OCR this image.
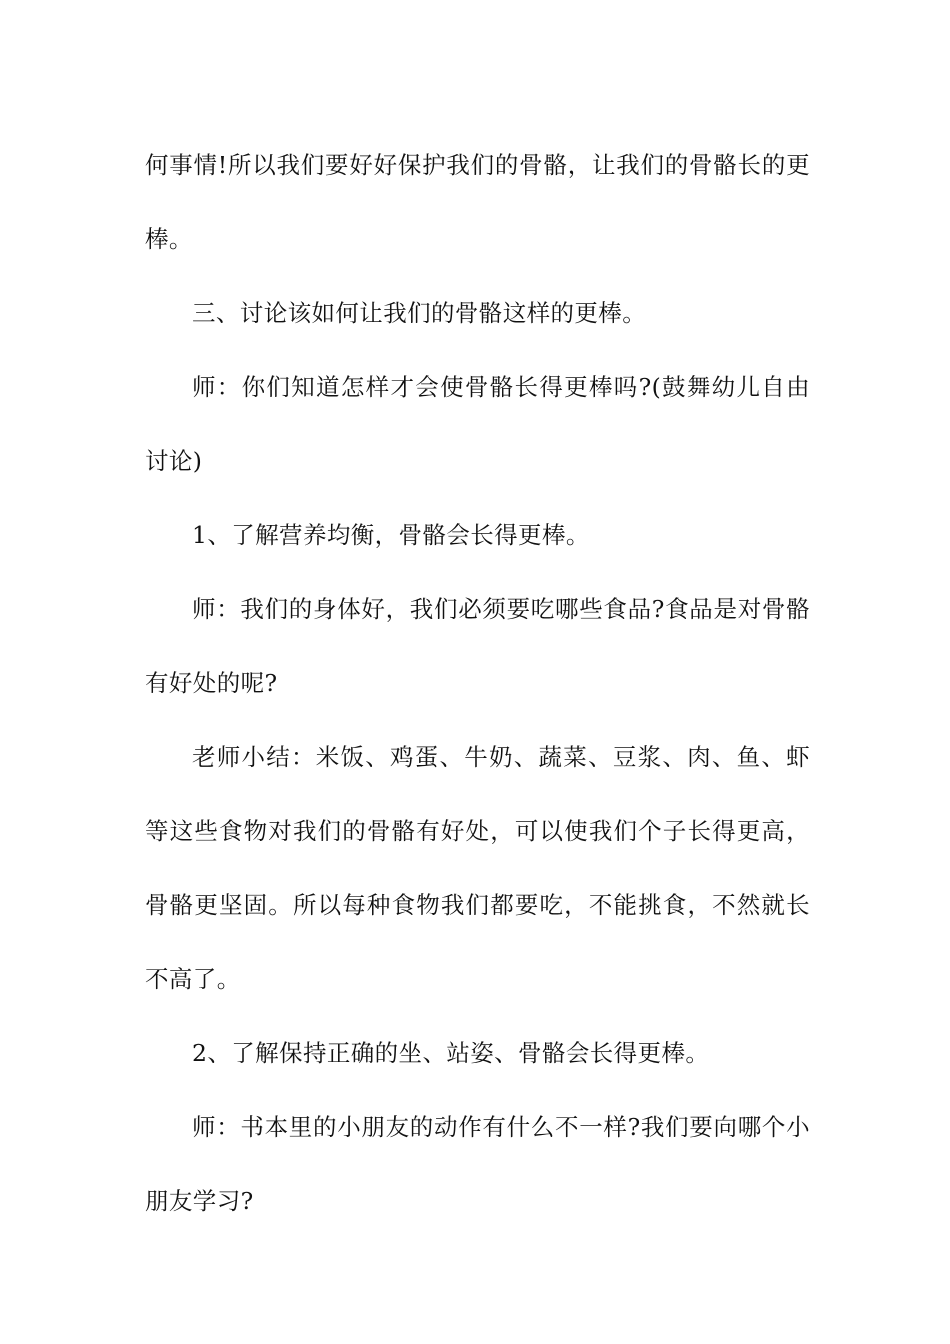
何事情!所以我们要好好保护我们的骨骼，让我们的骨骼长的更棒。

三、讨论该如何让我们的骨骼这样的更棒。

师：你们知道怎样才会使骨骼长得更棒吗?(鼓舞幼儿自由讨论)

1、了解营养均衡，骨骼会长得更棒。

师：我们的身体好，我们必须要吃哪些食品?食品是对骨骼有好处的呢?

老师小结：米饭、鸡蛋、牛奶、蔬菜、豆浆、肉、鱼、虾等这些食物对我们的骨骼有好处，可以使我们个子长得更高，骨骼更坚固。所以每种食物我们都要吃，不能挑食，不然就长不高了。

2、了解保持正确的坐、站姿、骨骼会长得更棒。

师：书本里的小朋友的动作有什么不一样?我们要向哪个小朋友学习?
